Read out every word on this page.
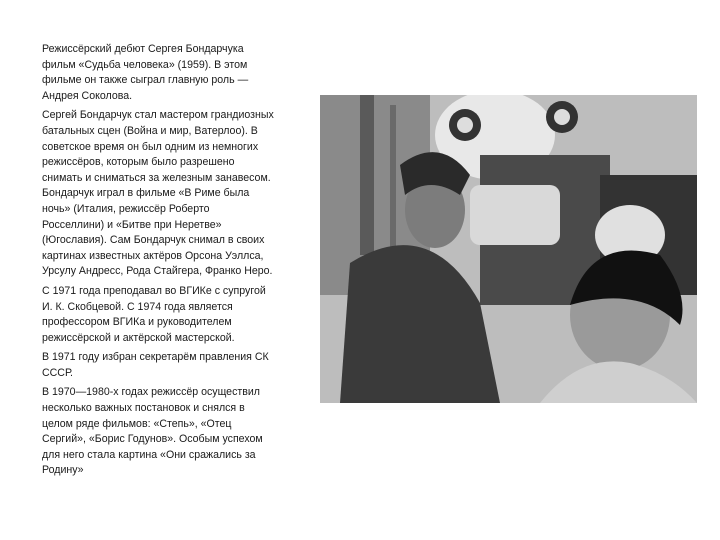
Режиссёрский дебют Сергея Бондарчука
фильм «Судьба человека» (1959). В этом
фильме он также сыграл главную роль —
Андрея Соколова.
Сергей Бондарчук стал мастером грандиозных
батальных сцен (Война и мир, Ватерлоо). В
советское время он был одним из немногих
режиссёров, которым было разрешено
снимать и сниматься за железным занавесом.
Бондарчук играл в фильме «В Риме была
ночь» (Италия, режиссёр Роберто
Росселлини) и «Битве при Неретве»
(Югославия). Сам Бондарчук снимал в своих
картинах известных актёров Орсона Уэллса,
Урсулу Андресс, Рода Стайгера, Франко Неро.
С 1971 года преподавал во ВГИКе с супругой
И. К. Скобцевой. С 1974 года является
профессором ВГИКа и руководителем
режиссёрской и актёрской мастерской.
В 1971 году избран секретарём правления СК
СССР.
В 1970—1980-х годах режиссёр осуществил
несколько важных постановок и снялся в
целом ряде фильмов: «Степь», «Отец
Сергий», «Борис Годунов». Особым успехом
для него стала картина «Они сражались за
Родину»
